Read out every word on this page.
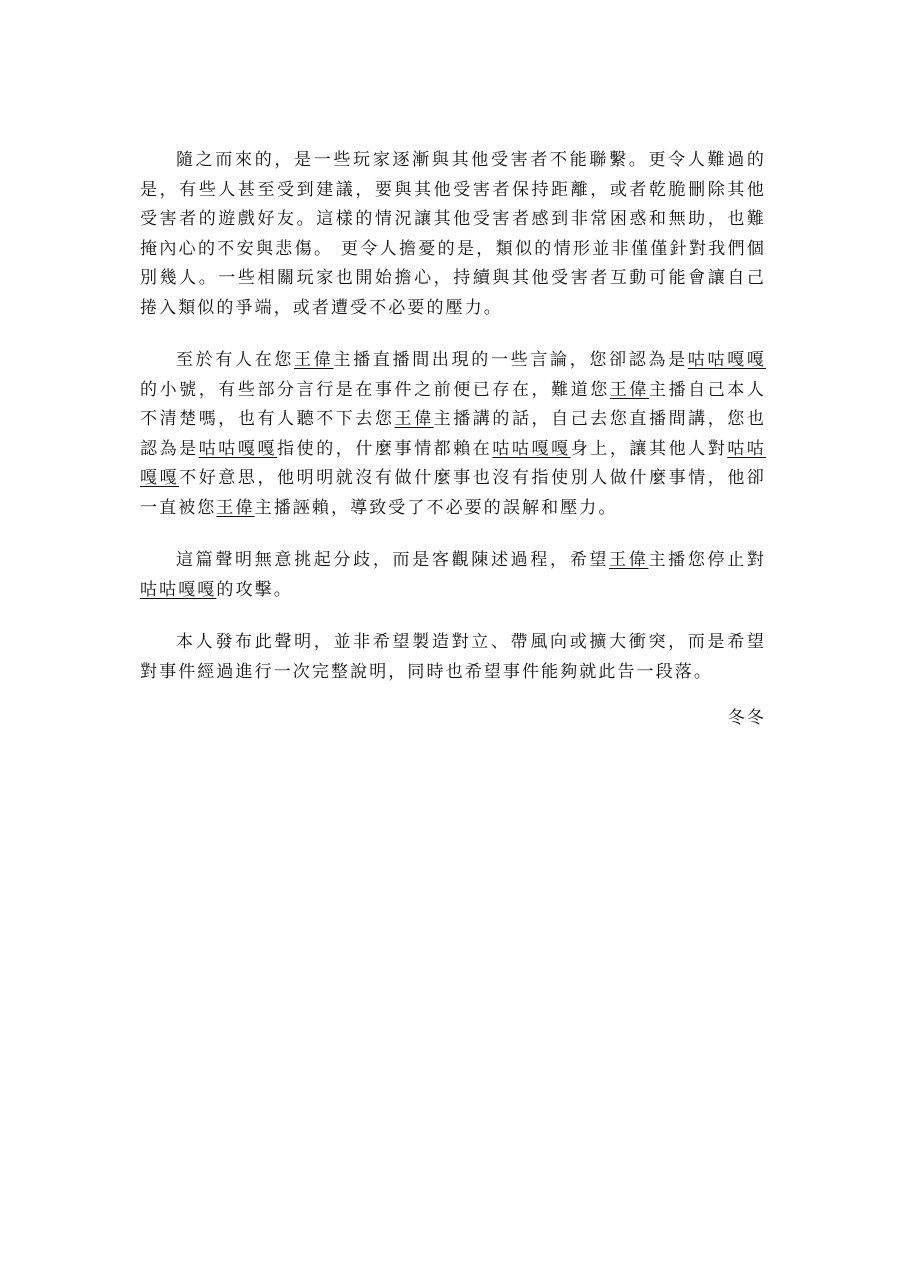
隨之而來的，是一些玩家逐漸與其他受害者不能聯繫。更令人難過的是，有些人甚至受到建議，要與其他受害者保持距離，或者乾脆刪除其他受害者的遊戲好友。這樣的情況讓其他受害者感到非常困惑和無助，也難掩內心的不安與悲傷。 更令人擔憂的是，類似的情形並非僅僅針對我們個別幾人。一些相關玩家也開始擔心，持續與其他受害者互動可能會讓自己捲入類似的爭端，或者遭受不必要的壓力。

至於有人在您王偉主播直播間出現的一些言論，您卻認為是咕咕嘎嘎的小號，有些部分言行是在事件之前便已存在，難道您王偉主播自己本人不清楚嗎，也有人聽不下去您王偉主播講的話，自己去您直播間講，您也認為是咕咕嘎嘎指使的，什麼事情都賴在咕咕嘎嘎身上，讓其他人對咕咕嘎嘎不好意思，他明明就沒有做什麼事也沒有指使別人做什麼事情，他卻一直被您王偉主播誣賴，導致受了不必要的誤解和壓力。

這篇聲明無意挑起分歧，而是客觀陳述過程，希望王偉主播您停止對咕咕嘎嘎的攻擊。

本人發布此聲明，並非希望製造對立、帶風向或擴大衝突，而是希望對事件經過進行一次完整說明，同時也希望事件能夠就此告一段落。

冬冬
